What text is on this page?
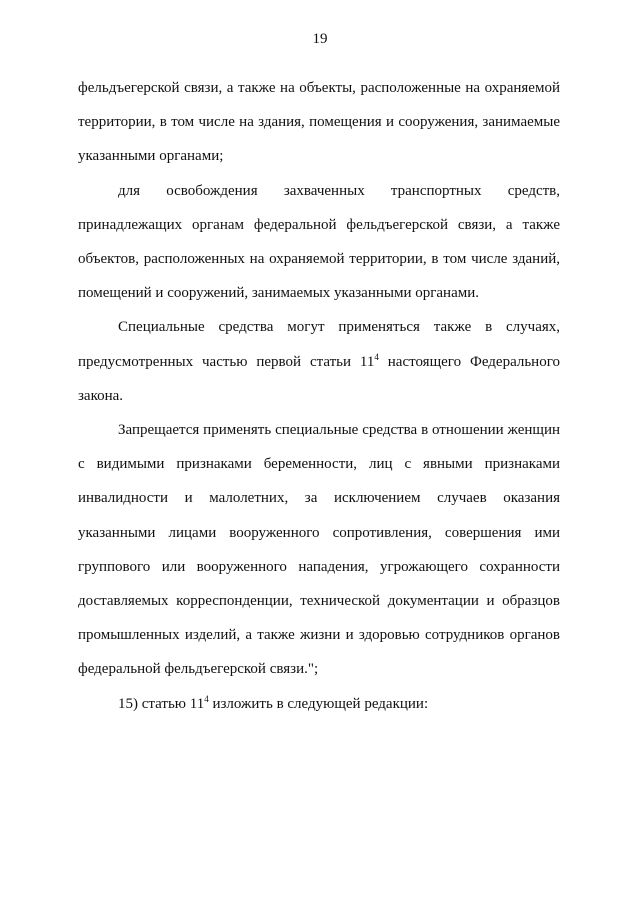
19

фельдъегерской связи, а также на объекты, расположенные на охраняемой территории, в том числе на здания, помещения и сооружения, занимаемые указанными органами;

для освобождения захваченных транспортных средств, принадлежащих органам федеральной фельдъегерской связи, а также объектов, расположенных на охраняемой территории, в том числе зданий, помещений и сооружений, занимаемых указанными органами.

Специальные средства могут применяться также в случаях, предусмотренных частью первой статьи $11^4$ настоящего Федерального закона.

Запрещается применять специальные средства в отношении женщин с видимыми признаками беременности, лиц с явными признаками инвалидности и малолетних, за исключением случаев оказания указанными лицами вооруженного сопротивления, совершения ими группового или вооруженного нападения, угрожающего сохранности доставляемых корреспонденции, технической документации и образцов промышленных изделий, а также жизни и здоровью сотрудников органов федеральной фельдъегерской связи.";

15) статью $11^4$ изложить в следующей редакции:
